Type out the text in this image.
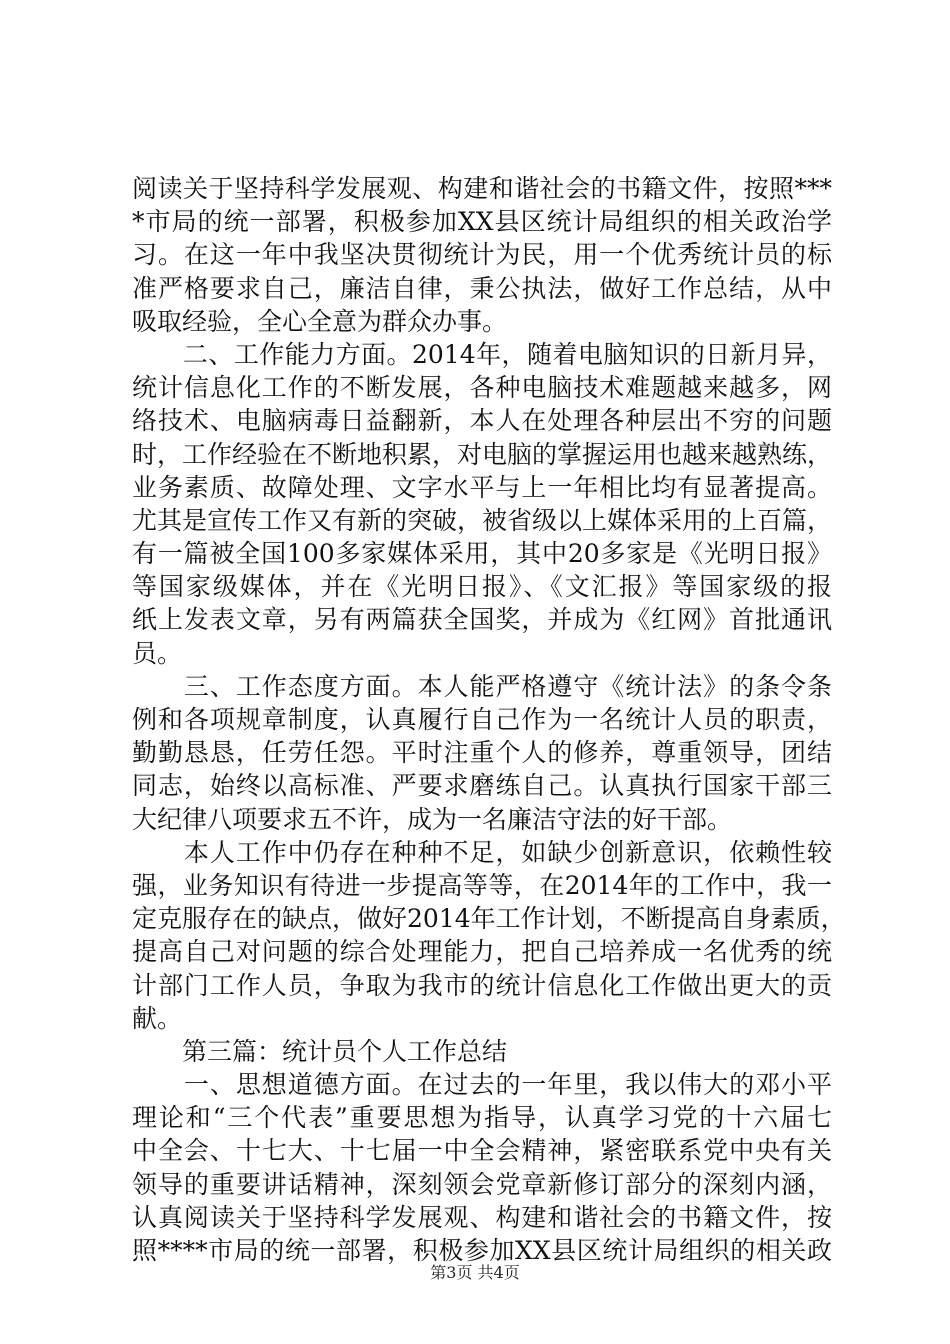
阅读关于坚持科学发展观、构建和谐社会的书籍文件，按照***
*市局的统一部署，积极参加XX县区统计局组织的相关政治学
习。在这一年中我坚决贯彻统计为民，用一个优秀统计员的标
准严格要求自己，廉洁自律，秉公执法，做好工作总结，从中
吸取经验，全心全意为群众办事。
　　二、工作能力方面。2014年，随着电脑知识的日新月异，
统计信息化工作的不断发展，各种电脑技术难题越来越多，网
络技术、电脑病毒日益翻新，本人在处理各种层出不穷的问题
时，工作经验在不断地积累，对电脑的掌握运用也越来越熟练，
业务素质、故障处理、文字水平与上一年相比均有显著提高。
尤其是宣传工作又有新的突破，被省级以上媒体采用的上百篇，
有一篇被全国100多家媒体采用，其中20多家是《光明日报》
等国家级媒体，并在《光明日报》、《文汇报》等国家级的报
纸上发表文章，另有两篇获全国奖，并成为《红网》首批通讯
员。
　　三、工作态度方面。本人能严格遵守《统计法》的条令条
例和各项规章制度，认真履行自己作为一名统计人员的职责，
勤勤恳恳，任劳任怨。平时注重个人的修养，尊重领导，团结
同志，始终以高标准、严要求磨练自己。认真执行国家干部三
大纪律八项要求五不许，成为一名廉洁守法的好干部。
　　本人工作中仍存在种种不足，如缺少创新意识，依赖性较
强，业务知识有待进一步提高等等，在2014年的工作中，我一
定克服存在的缺点，做好2014年工作计划，不断提高自身素质，
提高自己对问题的综合处理能力，把自己培养成一名优秀的统
计部门工作人员，争取为我市的统计信息化工作做出更大的贡
献。
　　第三篇：统计员个人工作总结
　　一、思想道德方面。在过去的一年里，我以伟大的邓小平
理论和“三个代表”重要思想为指导，认真学习党的十六届七
中全会、十七大、十七届一中全会精神，紧密联系党中央有关
领导的重要讲话精神，深刻领会党章新修订部分的深刻内涵，
认真阅读关于坚持科学发展观、构建和谐社会的书籍文件，按
照****市局的统一部署，积极参加XX县区统计局组织的相关政
第3页 共4页
